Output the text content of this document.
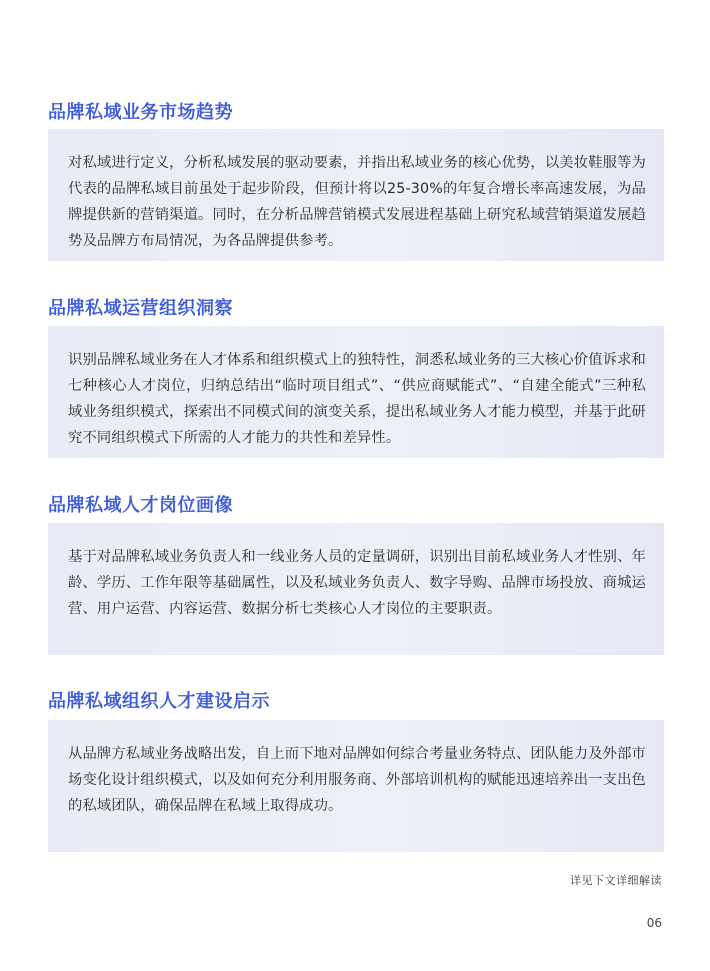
品牌私域业务市场趋势

对私域进行定义，分析私域发展的驱动要素，并指出私域业务的核心优势，以美妆鞋服等为代表的品牌私域目前虽处于起步阶段，但预计将以25-30%的年复合增长率高速发展，为品牌提供新的营销渠道。同时，在分析品牌营销模式发展进程基础上研究私域营销渠道发展趋势及品牌方布局情况，为各品牌提供参考。

品牌私域运营组织洞察

识别品牌私域业务在人才体系和组织模式上的独特性，洞悉私域业务的三大核心价值诉求和七种核心人才岗位，归纳总结出“临时项目组式”、“供应商赋能式”、“自建全能式”三种私域业务组织模式，探索出不同模式间的演变关系，提出私域业务人才能力模型，并基于此研究不同组织模式下所需的人才能力的共性和差异性。

品牌私域人才岗位画像

基于对品牌私域业务负责人和一线业务人员的定量调研，识别出目前私域业务人才性别、年龄、学历、工作年限等基础属性，以及私域业务负责人、数字导购、品牌市场投放、商城运营、用户运营、内容运营、数据分析七类核心人才岗位的主要职责。

品牌私域组织人才建设启示

从品牌方私域业务战略出发，自上而下地对品牌如何综合考量业务特点、团队能力及外部市场变化设计组织模式，以及如何充分利用服务商、外部培训机构的赋能迅速培养出一支出色的私域团队，确保品牌在私域上取得成功。

详见下文详细解读
06
